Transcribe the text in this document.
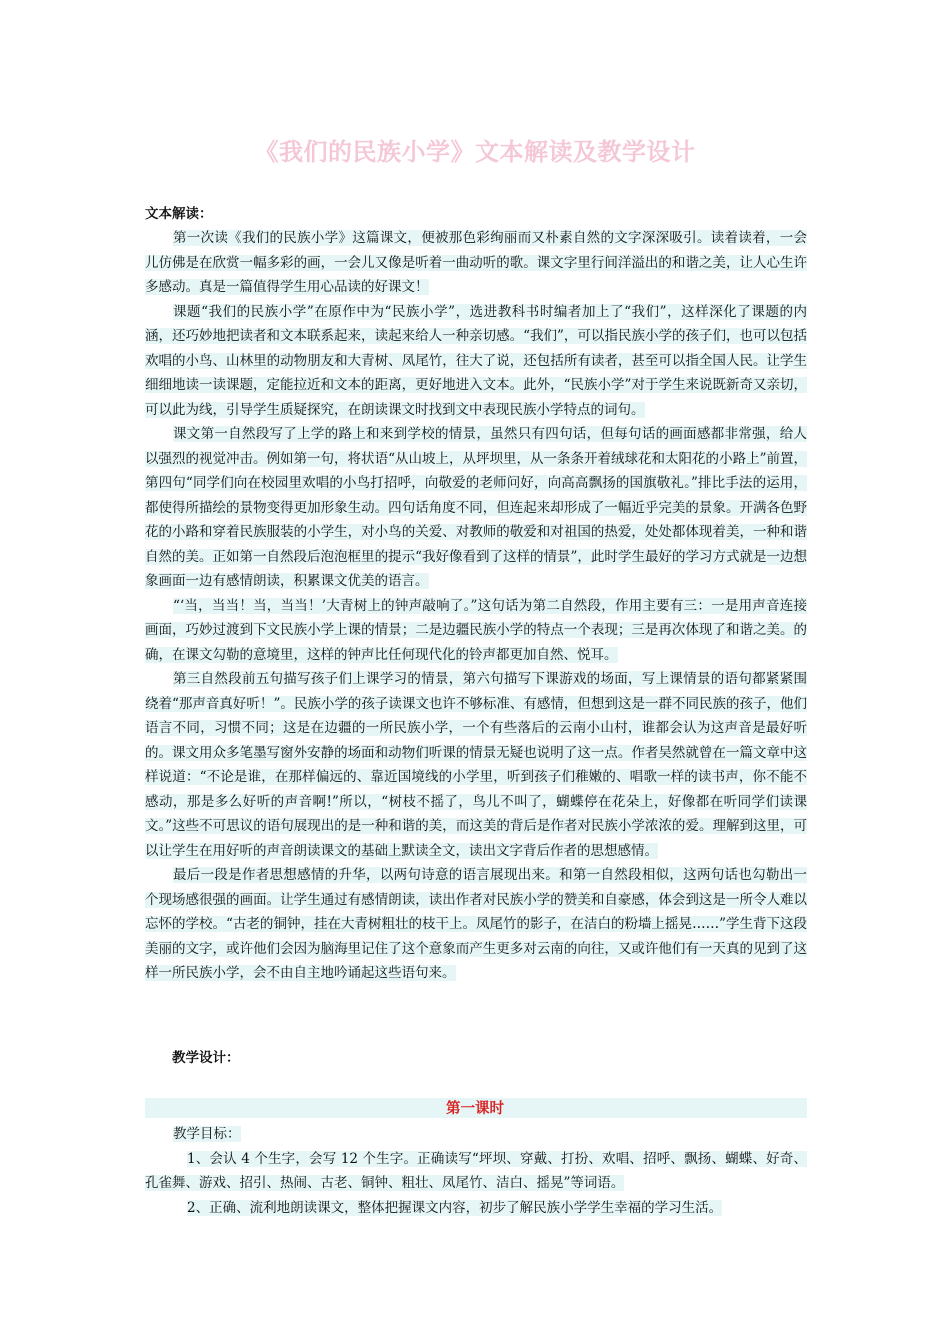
《我们的民族小学》文本解读及教学设计
文本解读：

第一次读《我们的民族小学》这篇课文，便被那色彩绚丽而又朴素自然的文字深深吸引。读着读着，一会儿仿佛是在欣赏一幅多彩的画，一会儿又像是听着一曲动听的歌。课文字里行间洋溢出的和谐之美，让人心生许多感动。真是一篇值得学生用心品读的好课文！

课题“我们的民族小学”在原作中为“民族小学”，选进教科书时编者加上了“我们”，这样深化了课题的内涵，还巧妙地把读者和文本联系起来，读起来给人一种亲切感。“我们”，可以指民族小学的孩子们，也可以包括欢唱的小鸟、山林里的动物朋友和大青树、凤尾竹，往大了说，还包括所有读者，甚至可以指全国人民。让学生细细地读一读课题，定能拉近和文本的距离，更好地进入文本。此外，“民族小学”对于学生来说既新奇又亲切，可以此为线，引导学生质疑探究，在朗读课文时找到文中表现民族小学特点的词句。

课文第一自然段写了上学的路上和来到学校的情景，虽然只有四句话，但每句话的画面感都非常强，给人以强烈的视觉冲击。例如第一句，将状语“从山坡上，从坪坝里，从一条条开着绒球花和太阳花的小路上”前置，第四句“同学们向在校园里欢唱的小鸟打招呼，向敬爱的老师问好，向高高飘扬的国旗敬礼。”排比手法的运用，都使得所描绘的景物变得更加形象生动。四句话角度不同，但连起来却形成了一幅近乎完美的景象。开满各色野花的小路和穿着民族服装的小学生，对小鸟的关爱、对教师的敬爱和对祖国的热爱，处处都体现着美，一种和谐自然的美。正如第一自然段后泡泡框里的提示“我好像看到了这样的情景”，此时学生最好的学习方式就是一边想象画面一边有感情朗读，积累课文优美的语言。

“‘当，当当！当，当当！’大青树上的钟声敲响了。”这句话为第二自然段，作用主要有三：一是用声音连接画面，巧妙过渡到下文民族小学上课的情景；二是边疆民族小学的特点一个表现；三是再次体现了和谐之美。的确，在课文勾勒的意境里，这样的钟声比任何现代化的铃声都更加自然、悦耳。

第三自然段前五句描写孩子们上课学习的情景，第六句描写下课游戏的场面，写上课情景的语句都紧紧围绕着“那声音真好听！”。民族小学的孩子读课文也许不够标准、有感情，但想到这是一群不同民族的孩子，他们语言不同，习惯不同；这是在边疆的一所民族小学，一个有些落后的云南小山村，谁都会认为这声音是最好听的。课文用众多笔墨写窗外安静的场面和动物们听课的情景无疑也说明了这一点。作者吴然就曾在一篇文章中这样说道：“不论是谁，在那样偏远的、靠近国境线的小学里，听到孩子们稚嫩的、唱歌一样的读书声，你不能不感动，那是多么好听的声音啊!”所以，“树枝不摇了，鸟儿不叫了，蝴蝶停在花朵上，好像都在听同学们读课文。”这些不可思议的语句展现出的是一种和谐的美，而这美的背后是作者对民族小学浓浓的爱。理解到这里，可以让学生在用好听的声音朗读课文的基础上默读全文，读出文字背后作者的思想感情。

最后一段是作者思想感情的升华，以两句诗意的语言展现出来。和第一自然段相似，这两句话也勾勒出一个现场感很强的画面。让学生通过有感情朗读，读出作者对民族小学的赞美和自豪感，体会到这是一所令人难以忘怀的学校。“古老的铜钟，挂在大青树粗壮的枝干上。凤尾竹的影子，在洁白的粉墙上摇晃……”学生背下这段美丽的文字，或许他们会因为脑海里记住了这个意象而产生更多对云南的向往，又或许他们有一天真的见到了这样一所民族小学，会不由自主地吟诵起这些语句来。

教学设计：
第一课时

教学目标：

1、会认 4 个生字，会写 12 个生字。正确读写“坪坝、穿戴、打扮、欢唱、招呼、飘扬、蝴蝶、好奇、孔雀舞、游戏、招引、热闹、古老、铜钟、粗壮、凤尾竹、洁白、摇晃”等词语。

2、正确、流利地朗读课文，整体把握课文内容，初步了解民族小学学生幸福的学习生活。
